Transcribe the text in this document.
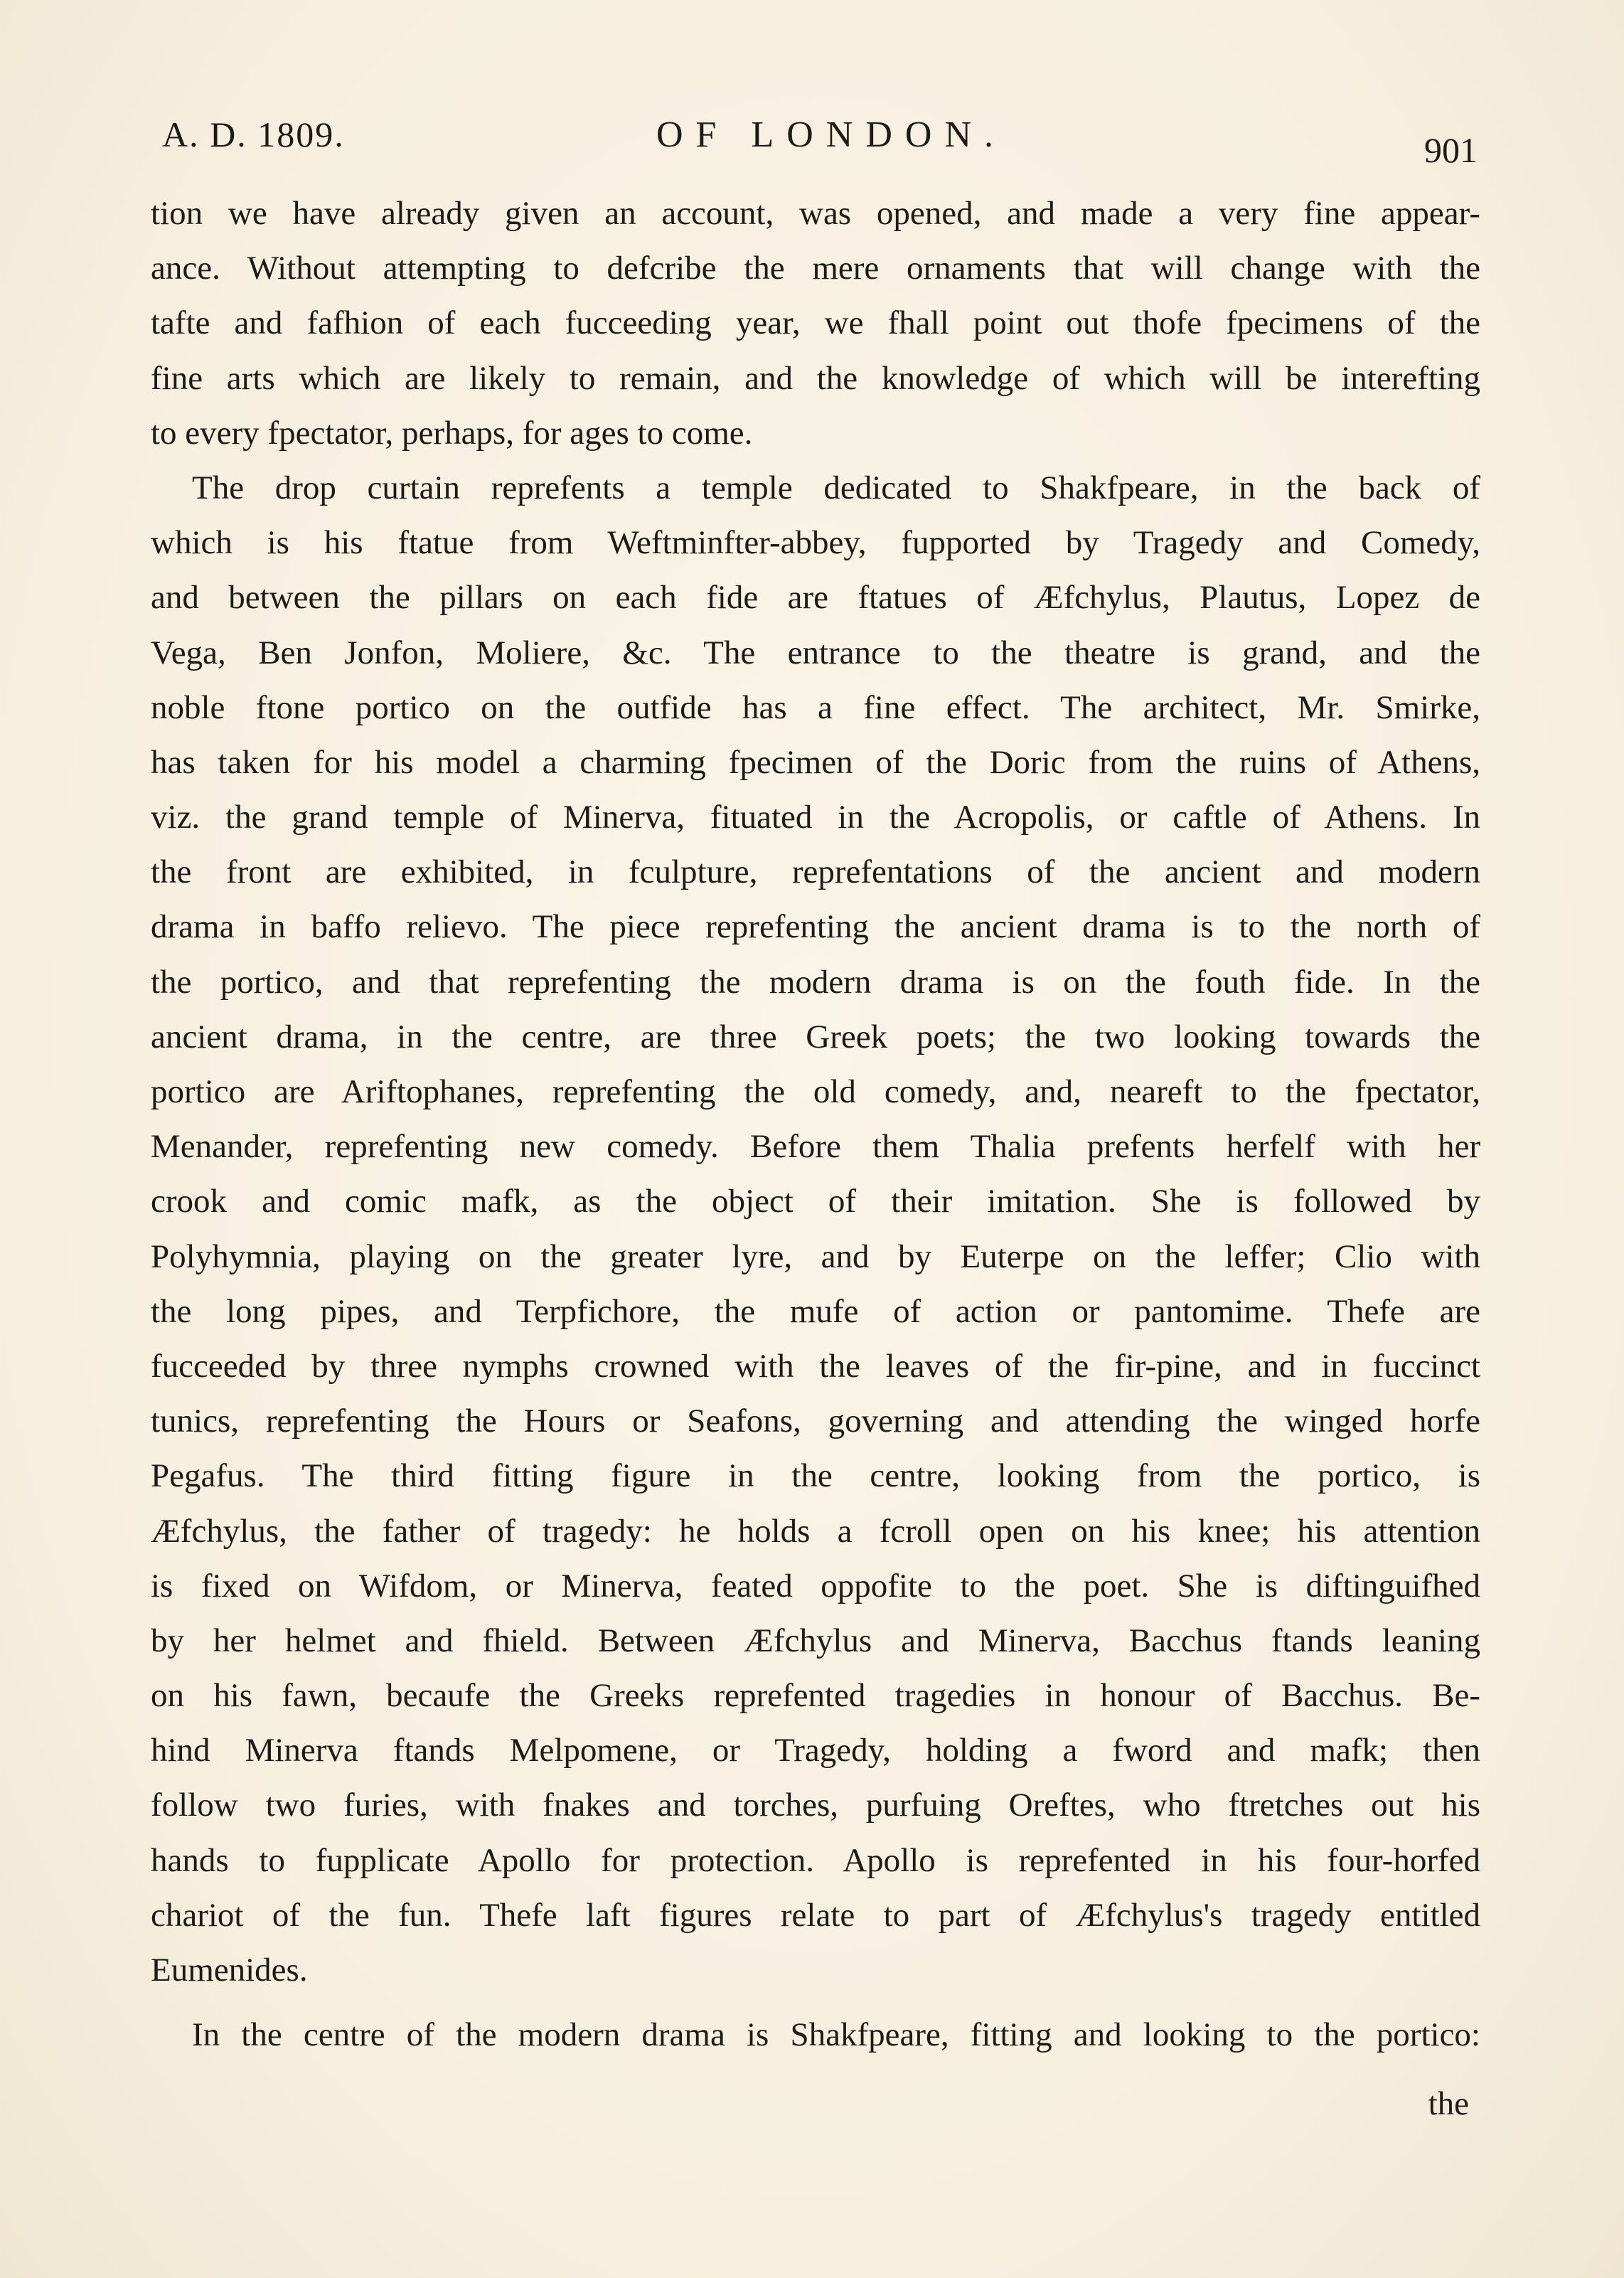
A. D. 1809.	OF LONDON.	901
tion we have already given an account, was opened, and made a very fine appear-
ance. Without attempting to defcribe the mere ornaments that will change with the
tafte and fafhion of each fucceeding year, we fhall point out thofe fpecimens of the
fine arts which are likely to remain, and the knowledge of which will be interefting
to every fpectator, perhaps, for ages to come.
The drop curtain reprefents a temple dedicated to Shakfpeare, in the back of
which is his ftatue from Weftminfter-abbey, fupported by Tragedy and Comedy,
and between the pillars on each fide are ftatues of Æfchylus, Plautus, Lopez de
Vega, Ben Jonfon, Moliere, &c. The entrance to the theatre is grand, and the
noble ftone portico on the outfide has a fine effect. The architect, Mr. Smirke,
has taken for his model a charming fpecimen of the Doric from the ruins of Athens,
viz. the grand temple of Minerva, fituated in the Acropolis, or caftle of Athens. In
the front are exhibited, in fculpture, reprefentations of the ancient and modern
drama in baffo relievo. The piece reprefenting the ancient drama is to the north of
the portico, and that reprefenting the modern drama is on the fouth fide. In the
ancient drama, in the centre, are three Greek poets; the two looking towards the
portico are Ariftophanes, reprefenting the old comedy, and, neareft to the fpectator,
Menander, reprefenting new comedy. Before them Thalia prefents herfelf with her
crook and comic mafk, as the object of their imitation. She is followed by
Polyhymnia, playing on the greater lyre, and by Euterpe on the leffer; Clio with
the long pipes, and Terpfichore, the mufe of action or pantomime. Thefe are
fucceeded by three nymphs crowned with the leaves of the fir-pine, and in fuccinct
tunics, reprefenting the Hours or Seafons, governing and attending the winged horfe
Pegafus. The third fitting figure in the centre, looking from the portico, is
Æfchylus, the father of tragedy: he holds a fcroll open on his knee; his attention
is fixed on Wifdom, or Minerva, feated oppofite to the poet. She is diftinguifhed
by her helmet and fhield. Between Æfchylus and Minerva, Bacchus ftands leaning
on his fawn, becaufe the Greeks reprefented tragedies in honour of Bacchus. Be-
hind Minerva ftands Melpomene, or Tragedy, holding a fword and mafk; then
follow two furies, with fnakes and torches, purfuing Oreftes, who ftretches out his
hands to fupplicate Apollo for protection. Apollo is reprefented in his four-horfed
chariot of the fun. Thefe laft figures relate to part of Æfchylus's tragedy entitled
Eumenides.
In the centre of the modern drama is Shakfpeare, fitting and looking to the portico:
the
